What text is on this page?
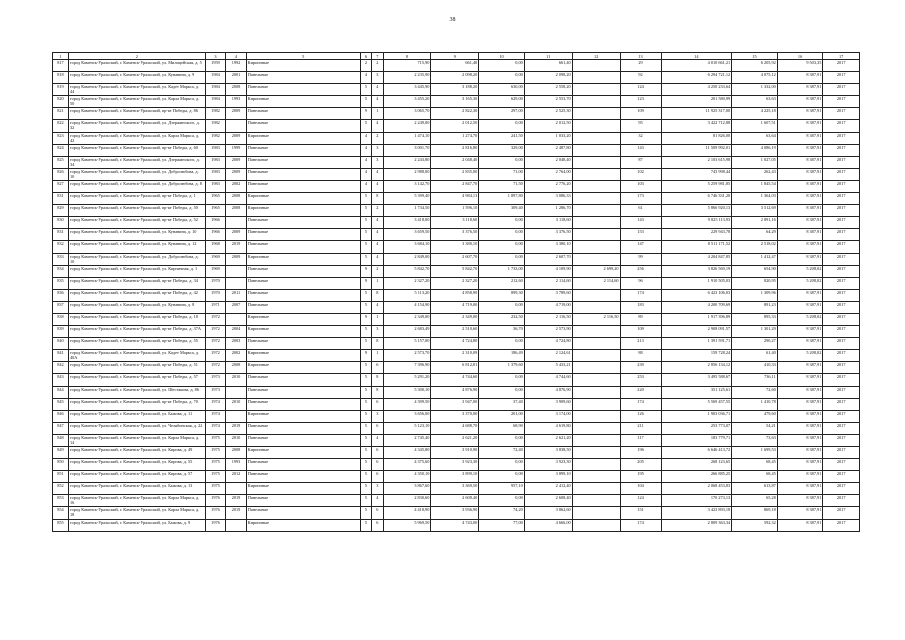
38
1	2	3	4	5	6	7	8	9	10	11	12	13	14	15	16	17
817	город Каменск-Уральский, г. Каменск-Уральский, ул. Милицейская, д. 5	1959	1992	Кирпичные	2	2	715,90	661,40	0,00	661,40		29	4 010 661,21	6 205,92	9 503,35	2017
818	город Каменск-Уральский, г. Каменск-Уральский, ул. Кунавина, д. 9	1984	2001	Панельные	4	3	2 235,90	2 098,20	0,00	2 098,20		92	6 294 721,12	4 075,12	8 387,91	2017
819	город Каменск-Уральский, г. Каменск-Уральский, ул. Кадет Маркса, д. 44	1984	2008	Панельные	5	4	3 445,90	3 188,20	630,00	2 558,20		124	4 250 233,64	1 332,00	8 387,91	2017
820	город Каменск-Уральский, г. Каменск-Уральский, ул. Карла Маркса, д. 50	1984	1993	Кирпичные	5	4	3 455,20	3 165,30	629,00	2 553,70		123	201 580,99	63,63	8 387,91	2017
821	город Каменск-Уральский, г. Каменск-Уральский, пр-кт Победы, д. 86	1982	2009	Панельные	9	1	3 065,70	2 822,30	297,00	2 525,30		109	11 925 317,00	4 225,18	8 387,91	2017
822	город Каменск-Уральский, г. Каменск-Уральский, ул. Дзержинского, д. 32	1982		Панельные	5	4	2 249,00	2 012,50	0,00	2 012,50		95	3 422 712,88	1 607,51	8 387,91	2017
823	город Каменск-Уральский, г. Каменск-Уральский, ул. Карла Маркса, д. 42	1982	2009	Кирпичные	4	2	1 474,10	1 274,70	241,50	1 033,20		32	81 826,00	63,64	8 387,91	2017
824	город Каменск-Уральский, г. Каменск-Уральский, пр-кт Победы, д. 60	1983	1999	Панельные	4	3	3 001,70	2 816,80	329,00	2 487,80		143	11 509 992,01	4 086,19	8 387,91	2017
825	город Каменск-Уральский, г. Каменск-Уральский, ул. Дзержинского, д. 34	1983	2009	Панельные	4	3	2 243,80	2 048,40	0,00	2 048,40		87	2 103 615,98	1 027,05	8 387,91	2017
826	город Каменск-Уральский, г. Каменск-Уральский, ул. Добролюбова, д. 10	1983	2009	Панельные	4	4	2 988,00	2 835,00	71,00	2 764,00		102	743 998,44	262,43	8 387,91	2017
827	город Каменск-Уральский, г. Каменск-Уральский, ул. Добролюбова, д. 8	1983	2002	Панельные	4	4	3 142,70	2 847,70	71,50	2 776,20		103	5 259 981,85	1 845,54	8 387,91	2017
831	город Каменск-Уральский, г. Каменск-Уральский, пр-кт Победы, д. 1	1965	2008	Кирпичные	5	8	5 399,40	4 984,13	1 897,80	3 086,33		173	6 746 331,20	1 364,03	8 387,91	2017
829	город Каменск-Уральский, г. Каменск-Уральский, пр-кт Победы, д. 50	1965	2008	Кирпичные	5	2	1 734,50	1 596,10	309,40	1 286,70		61	5 866 920,13	3 512,69	8 387,91	2017
830	город Каменск-Уральский, г. Каменск-Уральский, пр-кт Победы, д. 52	1966		Панельные	5	4	3 418,00	3 118,60	0,00	3 118,60		143	9 825 113,93	2 891,16	8 387,91	2017
831	город Каменск-Уральский, г. Каменск-Уральский, ул. Кунавина, д. 10	1966	2009	Панельные	5	4	3 659,50	3 376,50	0,00	3 376,50		153	229 943,78	64,29	8 387,91	2017
832	город Каменск-Уральский, г. Каменск-Уральский, ул. Кунавина, д. 12	1968	2019	Панельные	5	4	3 684,10	3 380,10	0,00	3 380,10		147	8 511 171,52	2 518,02	8 387,91	2017
833	город Каменск-Уральский, г. Каменск-Уральский, ул. Добролюбова, д. 10	1969	2009	Кирпичные	5	4	2 849,00	2 607,70	0,00	2 607,70		99	4 204 847,85	1 412,47	8 387,91	2017
834	город Каменск-Уральский, г. Каменск-Уральский, ул. Кирпичная, д. 1	1969		Панельные	9	2	5 842,70	5 842,70	1 733,00	4 109,90	2 699,20	256	3 826 569,19	654,90	5 208,02	2017
835	город Каменск-Уральский, г. Каменск-Уральский, пр-кт Победы, д. 34	1970		Панельные	9	1	2 327,20	2 327,20	212,60	2 114,60	2 114,60	96	1 910 505,03	820,95	5 208,02	2017
836	город Каменск-Уральский, г. Каменск-Уральский, пр-кт Победы, д. 42	1970	2011	Панельные	5	8	5 113,20	4 858,90	899,30	3 789,60		174	6 423 106,03	1 309,96	8 387,91	2017
837	город Каменск-Уральский, г. Каменск-Уральский, ул. Кунавина, д. 8	1971	2007	Панельные	5	4	4 154,90	4 719,00	0,00	4 719,00		183	4 200 709,69	891,23	8 387,91	2017
838	город Каменск-Уральский, г. Каменск-Уральский, пр-кт Победы, д. 18	1972		Кирпичные	9	1	2 349,00	2 349,00	232,50	2 116,50	2 116,50	89	1 917 396,89	895,33	5 208,02	2017
839	город Каменск-Уральский, г. Каменск-Уральский, пр-кт Победы, д. 37А	1972	2004	Кирпичные	5	3	2 683,49	2 510,60	36,70	2 573,90		109	2 908 091,57	1 301,29	8 387,91	2017
840	город Каменск-Уральский, г. Каменск-Уральский, пр-кт Победы, д. 55	1972	2003	Панельные	5	8	5 157,00	4 724,80	0,00	4 724,80		213	1 391 591,71	290,27	8 387,91	2017
841	город Каменск-Уральский, г. Каменск-Уральский, ул. Кадет Маркса, д. 40А	1972	2002	Кирпичные	9	1	2 573,70	2 310,09	186,49	2 124,61		88	159 728,24	61,40	5 208,02	2017
842	город Каменск-Уральский, г. Каменск-Уральский, пр-кт Победы, д. 51	1972	2008	Кирпичные	5	6	7 396,90	6 812,81	1 379,60	5 433,21		239	2 856 134,12	410,33	8 387,91	2017
843	город Каменск-Уральский, г. Каменск-Уральский, пр-кт Победы, д. 57	1973	2010	Панельные	5	8	5 291,20	4 744,60	0,00	4 744,60		253	3 495 588,67	736,11	8 387,91	2017
844	город Каменск-Уральский, г. Каменск-Уральский, ул. Шестакова, д. 86	1973		Панельные	5	8	5 300,10	4 876,90	0,00	4 876,90		220	351 125,61	72,60	8 387,91	2017
845	город Каменск-Уральский, г. Каменск-Уральский, пр-кт Победы, д. 70	1974	2010	Панельные	5	6	4 399,50	3 947,00	37,40	3 909,60		174	5 569 457,55	1 410,78	8 387,91	2017
846	город Каменск-Уральский, г. Каменск-Уральский, ул. Бажова, д. 11	1974		Кирпичные	5	3	3 656,00	3 370,00	201,00	3 174,00		126	1 903 036,71	479,60	8 387,91	2017
847	город Каменск-Уральский, г. Каменск-Уральский, ул. Челябинская, д. 22	1974	2019	Панельные	5	6	5 123,10	4 688,70	68,90	4 619,80		211	253 773,07	54,21	8 387,91	2017
848	город Каменск-Уральский, г. Каменск-Уральский, ул. Карла Маркса, д. 14	1975	2010	Панельные	5	4	2 745,40	2 621,20	0,00	2 621,20		117	183 779,71	73,63	8 387,91	2017
849	город Каменск-Уральский, г. Каменск-Уральский, ул. Кирова, д. 49	1975	2008	Кирпичные	5	6	4 345,80	3 910,90	72,40	3 838,50		196	6 646 413,72	1 699,53	8 387,91	2017
850	город Каменск-Уральский, г. Каменск-Уральский, ул. Кирова, д. 55	1975	1993	Панельные	5	6	4 375,60	3 923,30	0,00	3 923,30		205	268 123,65	68,45	8 387,91	2017
851	город Каменск-Уральский, г. Каменск-Уральский, ул. Кирова, д. 57	1975	2012	Панельные	5	6	4 350,10	3 899,10	0,00	3 899,10		195	266 885,25	68,45	8 387,91	2017
852	город Каменск-Уральский, г. Каменск-Уральский, ул. Бажова, д. 13	1975		Кирпичные	5	3	3 867,60	3 369,50	957,10	2 412,40		104	2 068 453,83	613,87	8 387,91	2017
853	город Каменск-Уральский, г. Каменск-Уральский, ул. Карла Маркса, д. 16	1976	2019	Панельные	5	4	2 830,60	2 608,40	0,00	2 608,40		124	170 273,13	65,28	8 387,91	2017
854	город Каменск-Уральский, г. Каменск-Уральский, ул. Карла Маркса, д. 18	1976	2019	Панельные	5	6	4 418,90	3 936,90	74,20	3 862,60		151	3 423 893,18	869,18	8 387,91	2017
855	город Каменск-Уральский, г. Каменск-Уральский, ул. Бажова, д. 9	1976		Кирпичные	5	6	5 969,50	4 743,00	77,00	4 666,00		174	2 809 363,34	592,32	8 387,91	2017
